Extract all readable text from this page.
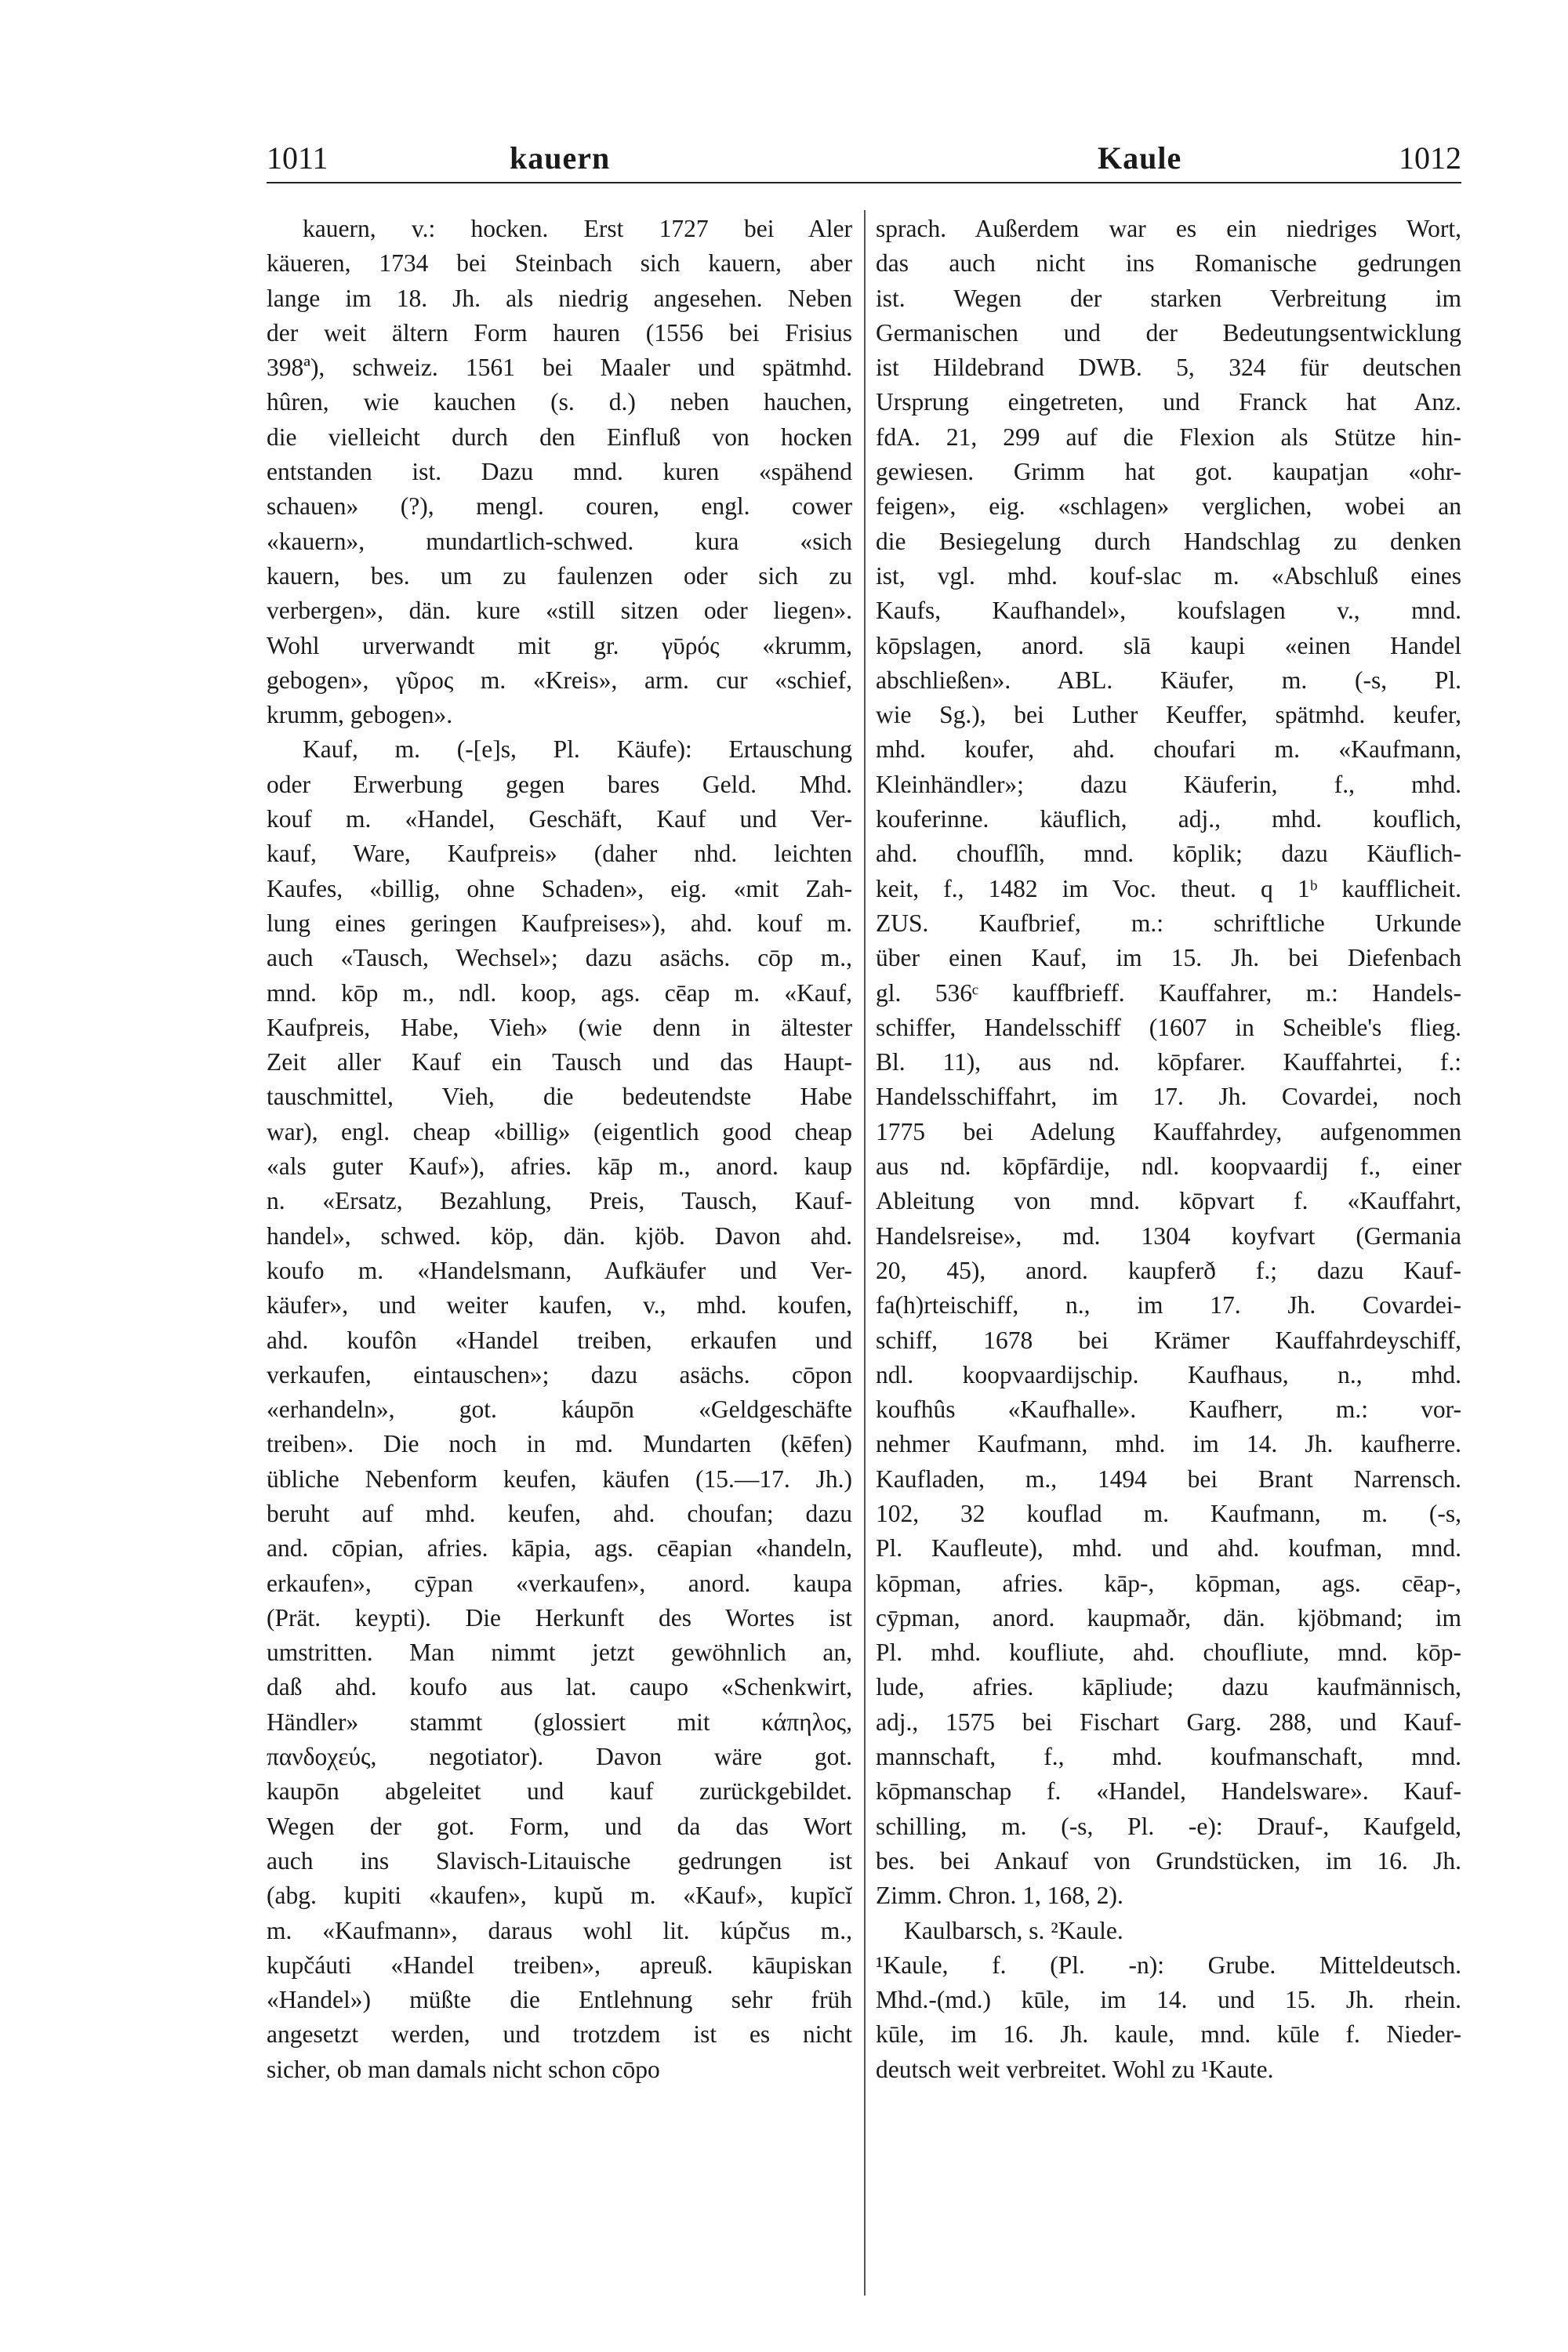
1011	kauern	Kaule	1012
kauern, v.: hocken. Erst 1727 bei Aler
käueren, 1734 bei Steinbach sich kauern, aber
lange im 18. Jh. als niedrig angesehen. Neben
der weit ältern Form hauren (1556 bei Frisius
398ª), schweiz. 1561 bei Maaler und spätmhd.
hûren, wie kauchen (s. d.) neben hauchen,
die vielleicht durch den Einfluß von hocken
entstanden ist. Dazu mnd. kuren «spähend
schauen» (?), mengl. couren, engl. cower
«kauern», mundartlich-schwed. kura «sich
kauern, bes. um zu faulenzen oder sich zu
verbergen», dän. kure «still sitzen oder liegen».
Wohl urverwandt mit gr. γῡρός «krumm,
gebogen», γῦρος m. «Kreis», arm. cur «schief,
krumm, gebogen».
Kauf, m. (-[e]s, Pl. Käufe): Ertauschung
oder Erwerbung gegen bares Geld. Mhd.
kouf m. «Handel, Geschäft, Kauf und Ver-
kauf, Ware, Kaufpreis» (daher nhd. leichten
Kaufes, «billig, ohne Schaden», eig. «mit Zah-
lung eines geringen Kaufpreises»), ahd. kouf m.
auch «Tausch, Wechsel»; dazu asächs. cōp m.,
mnd. kōp m., ndl. koop, ags. cēap m. «Kauf,
Kaufpreis, Habe, Vieh» (wie denn in ältester
Zeit aller Kauf ein Tausch und das Haupt-
tauschmittel, Vieh, die bedeutendste Habe
war), engl. cheap «billig» (eigentlich good cheap
«als guter Kauf»), afries. kāp m., anord. kaup
n. «Ersatz, Bezahlung, Preis, Tausch, Kauf-
handel», schwed. köp, dän. kjöb. Davon ahd.
koufo m. «Handelsmann, Aufkäufer und Ver-
käufer», und weiter kaufen, v., mhd. koufen,
ahd. koufôn «Handel treiben, erkaufen und
verkaufen, eintauschen»; dazu asächs. cōpon
«erhandeln», got. káupōn «Geldgeschäfte
treiben». Die noch in md. Mundarten (kēfen)
übliche Nebenform keufen, käufen (15.—17. Jh.)
beruht auf mhd. keufen, ahd. choufan; dazu
and. cōpian, afries. kāpia, ags. cēapian «handeln,
erkaufen», cȳpan «verkaufen», anord. kaupa
(Prät. keypti). Die Herkunft des Wortes ist
umstritten. Man nimmt jetzt gewöhnlich an,
daß ahd. koufo aus lat. caupo «Schenkwirt,
Händler» stammt (glossiert mit κάπηλος,
πανδοχεύς, negotiator). Davon wäre got.
kaupōn abgeleitet und kauf zurückgebildet.
Wegen der got. Form, und da das Wort
auch ins Slavisch-Litauische gedrungen ist
(abg. kupiti «kaufen», kupŭ m. «Kauf», kupĭcĭ
m. «Kaufmann», daraus wohl lit. kúpčus m.,
kupčáuti «Handel treiben», apreuß. kāupiskan
«Handel») müßte die Entlehnung sehr früh
angesetzt werden, und trotzdem ist es nicht
sicher, ob man damals nicht schon cōpo
sprach. Außerdem war es ein niedriges Wort,
das auch nicht ins Romanische gedrungen
ist. Wegen der starken Verbreitung im
Germanischen und der Bedeutungsentwicklung
ist Hildebrand DWB. 5, 324 für deutschen
Ursprung eingetreten, und Franck hat Anz.
fdA. 21, 299 auf die Flexion als Stütze hin-
gewiesen. Grimm hat got. kaupatjan «ohr-
feigen», eig. «schlagen» verglichen, wobei an
die Besiegelung durch Handschlag zu denken
ist, vgl. mhd. kouf-slac m. «Abschluß eines
Kaufs, Kaufhandel», koufslagen v., mnd.
kōpslagen, anord. slā kaupi «einen Handel
abschließen». ABL. Käufer, m. (-s, Pl.
wie Sg.), bei Luther Keuffer, spätmhd. keufer,
mhd. koufer, ahd. choufari m. «Kaufmann,
Kleinhändler»; dazu Käuferin, f., mhd.
kouferinne. käuflich, adj., mhd. kouflich,
ahd. chouflîh, mnd. kōplik; dazu Käuflich-
keit, f., 1482 im Voc. theut. q 1ᵇ kaufflicheit.
ZUS. Kaufbrief, m.: schriftliche Urkunde
über einen Kauf, im 15. Jh. bei Diefenbach
gl. 536ᶜ kauffbrieff. Kauffahrer, m.: Handels-
schiffer, Handelsschiff (1607 in Scheible's flieg.
Bl. 11), aus nd. kōpfarer. Kauffahrtei, f.:
Handelsschiffahrt, im 17. Jh. Covardei, noch
1775 bei Adelung Kauffahrdey, aufgenommen
aus nd. kōpfārdije, ndl. koopvaardij f., einer
Ableitung von mnd. kōpvart f. «Kauffahrt,
Handelsreise», md. 1304 koyfvart (Germania
20, 45), anord. kaupferð f.; dazu Kauf-
fa(h)rteischiff, n., im 17. Jh. Covardei-
schiff, 1678 bei Krämer Kauffahrdeyschiff,
ndl. koopvaardijschip. Kaufhaus, n., mhd.
koufhûs «Kaufhalle». Kaufherr, m.: vor-
nehmer Kaufmann, mhd. im 14. Jh. kaufherre.
Kaufladen, m., 1494 bei Brant Narrensch.
102, 32 kouflad m. Kaufmann, m. (-s,
Pl. Kaufleute), mhd. und ahd. koufman, mnd.
kōpman, afries. kāp-, kōpman, ags. cēap-,
cȳpman, anord. kaupmaðr, dän. kjöbmand; im
Pl. mhd. koufliute, ahd. choufliute, mnd. kōp-
lude, afries. kāpliude; dazu kaufmännisch,
adj., 1575 bei Fischart Garg. 288, und Kauf-
mannschaft, f., mhd. koufmanschaft, mnd.
kōpmanschap f. «Handel, Handelsware». Kauf-
schilling, m. (-s, Pl. -e): Drauf-, Kaufgeld,
bes. bei Ankauf von Grundstücken, im 16. Jh.
Zimm. Chron. 1, 168, 2).
Kaulbarsch, s. ²Kaule.
¹Kaule, f. (Pl. -n): Grube. Mitteldeutsch.
Mhd.-(md.) kūle, im 14. und 15. Jh. rhein.
kūle, im 16. Jh. kaule, mnd. kūle f. Nieder-
deutsch weit verbreitet. Wohl zu ¹Kaute.
